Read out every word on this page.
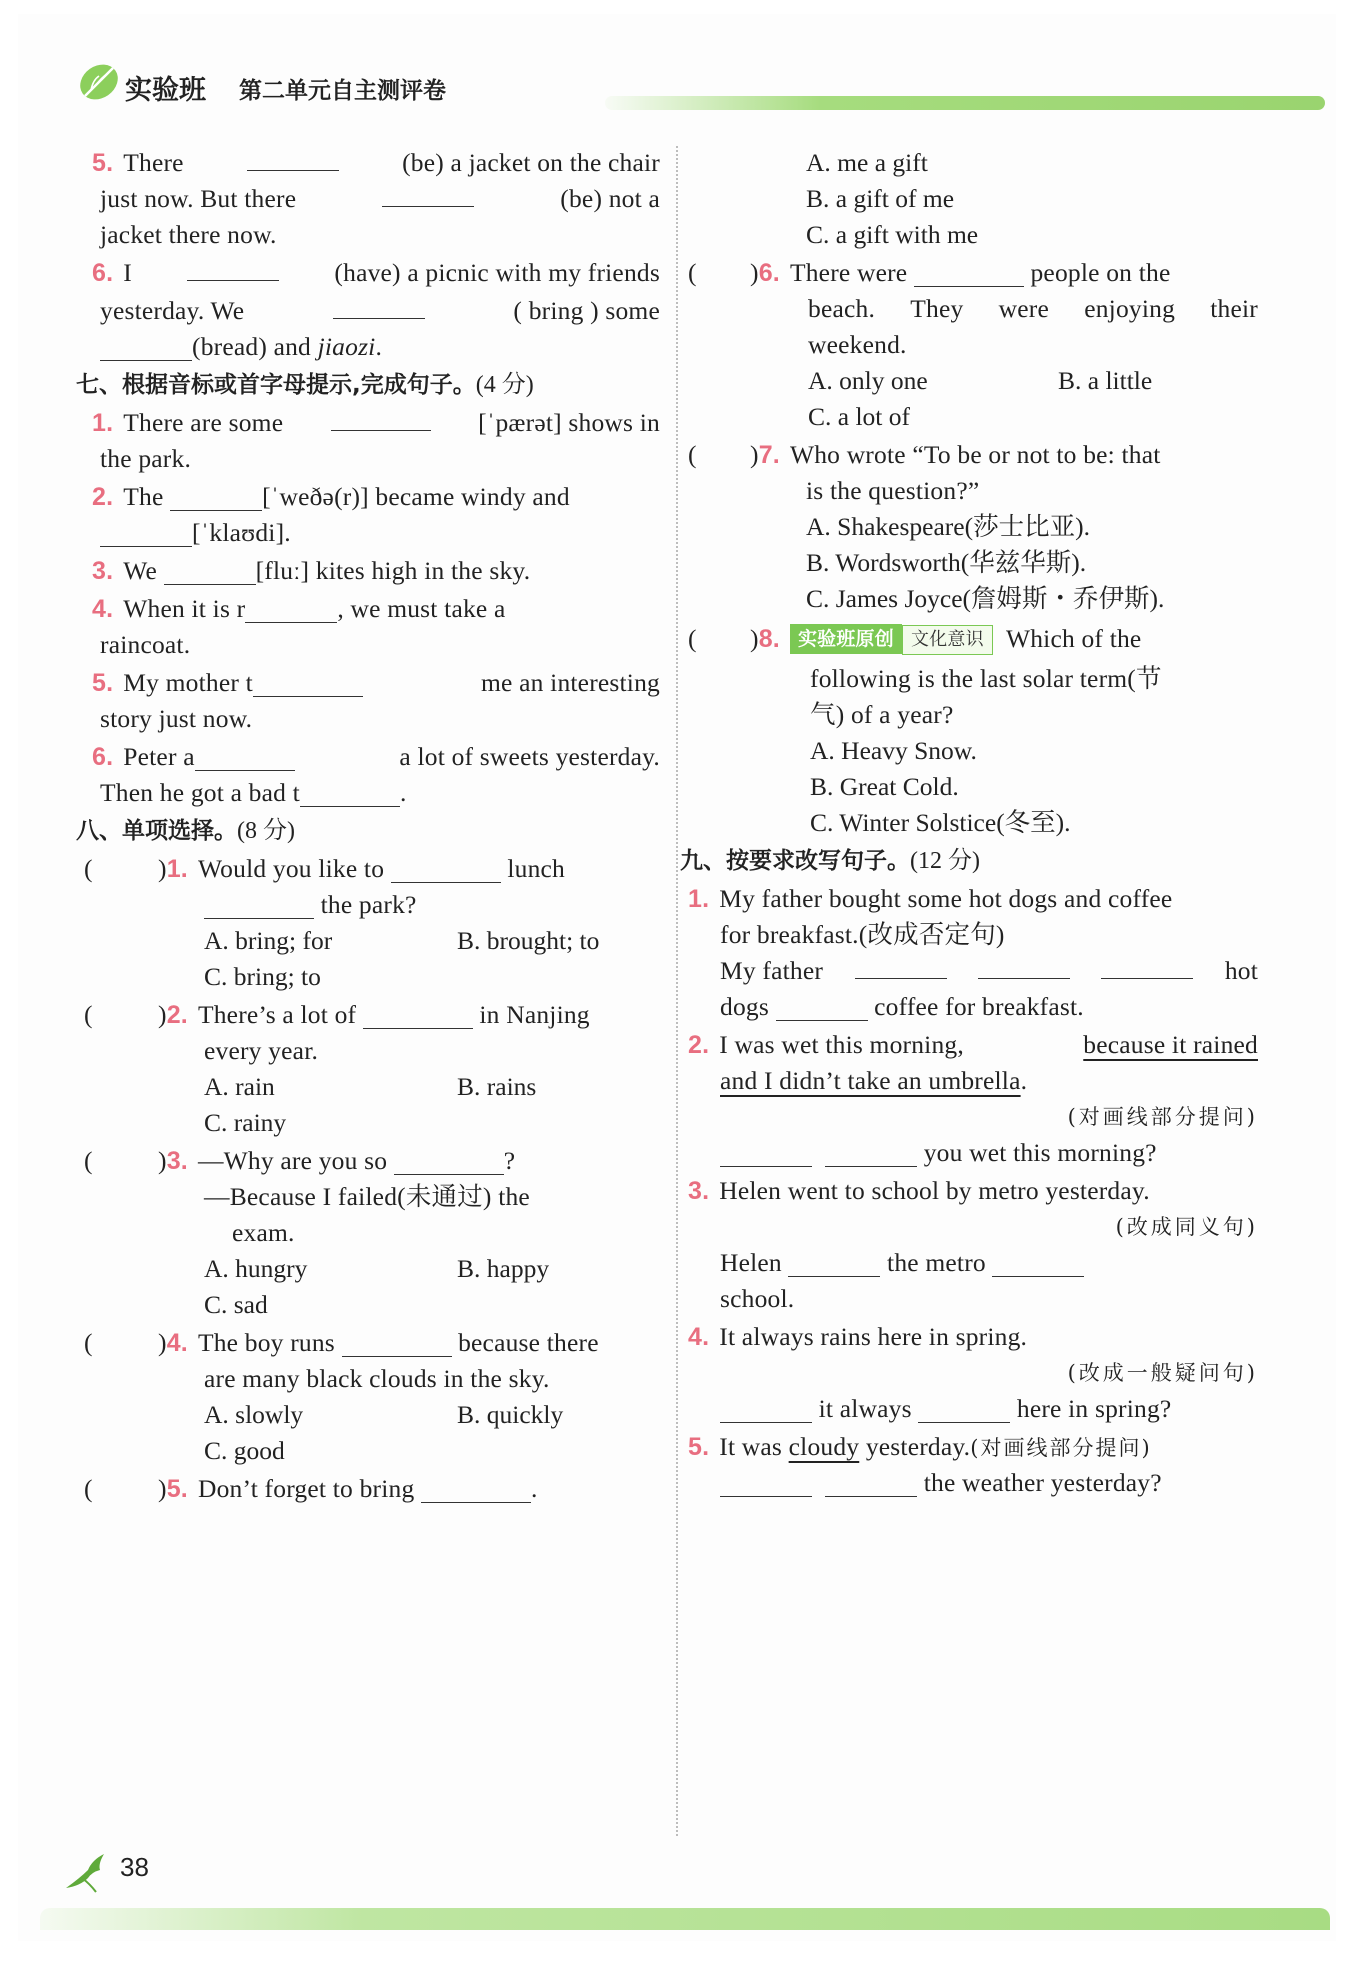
实验班 第二单元自主测评卷
5. There	(be) a jacket on the chair
just now. But there	(be) not a
jacket there now.
6. I	(have) a picnic with my friends
yesterday. We	( bring ) some
(bread) and jiaozi.
七、根据音标或首字母提示,完成句子。(4 分)
1. There are some	[ˈpærət] shows in
the park.
2. The	[ˈweðə(r)] became windy and
[ˈklaʊdi].
3. We	[fluː] kites high in the sky.
4. When it is r	, we must take a
raincoat.
5. My mother t	me an interesting
story just now.
6. Peter a	a lot of sweets yesterday.
Then he got a bad t	.
八、单项选择。(8 分)
(	)1. Would you like to	lunch
the park?
A. bring; for	B. brought; to
C. bring; to
(	)2. There’s a lot of	in Nanjing
every year.
A. rain	B. rains
C. rainy
(	)3. —Why are you so	?
—Because I failed(未通过) the
exam.
A. hungry	B. happy
C. sad
(	)4. The boy runs	because there
are many black clouds in the sky.
A. slowly	B. quickly
C. good
(	)5. Don’t forget to bring	.
A. me a gift
B. a gift of me
C. a gift with me
( )6. There were	people on the
beach. They were enjoying their
weekend.
A. only one	B. a little
C. a lot of
( )7. Who wrote “To be or not to be: that
is the question?”
A. Shakespeare(莎士比亚).
B. Wordsworth(华兹华斯).
C. James Joyce(詹姆斯・乔伊斯).
( )8. 实验班原创 文化意识 Which of the
following is the last solar term(节
气) of a year?
A. Heavy Snow.
B. Great Cold.
C. Winter Solstice(冬至).
九、按要求改写句子。(12 分)
1. My father bought some hot dogs and coffee
for breakfast.(改成否定句)
My father	hot
dogs	coffee for breakfast.
2. I was wet this morning,	because it rained
and I didn’t take an umbrella.
(对画线部分提问)
you wet this morning?
3. Helen went to school by metro yesterday.
(改成同义句)
Helen	the metro
school.
4. It always rains here in spring.
(改成一般疑问句)
it always	here in spring?
5. It was cloudy yesterday.(对画线部分提问)
the weather yesterday?
38
